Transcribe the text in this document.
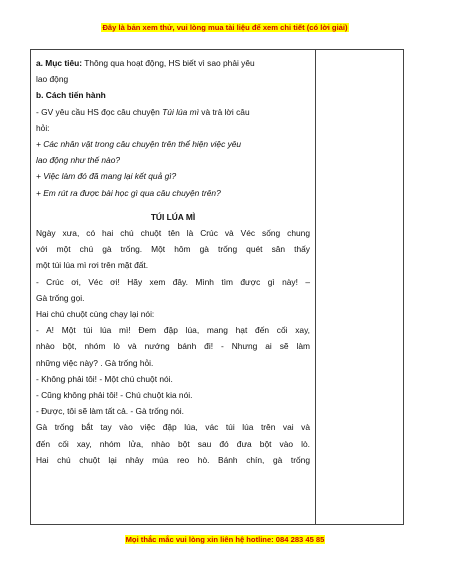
Đây là bản xem thử, vui lòng mua tài liệu để xem chi tiết (có lời giải)

a. Mục tiêu: Thông qua hoạt động, HS biết vì sao phải yêu

lao động

b. Cách tiến hành

- GV yêu cầu HS đọc câu chuyện Túi lúa mì và trả lời câu

hỏi:

+ Các nhân vật trong câu chuyện trên thể hiện việc yêu

lao động như thế nào?

+ Việc làm đó đã mang lại kết quả gì?

+ Em rút ra được bài học gì qua câu chuyện trên?

TÚI LÚA MÌ

Ngày xưa, có hai chú chuột tên là Crúc và Véc sống chung

với một chú gà trống. Một hôm gà trống quét sân thấy

một túi lúa mì rơi trên mặt đất.

- Crúc ơi, Véc ơi! Hãy xem đây. Mình tìm được gì này! –

Gà trống gọi.

Hai chú chuột cùng chạy lại nói:

- A! Một túi lúa mì! Đem đập lúa, mang hạt đến cối xay,

nhào bột, nhóm lò và nướng bánh đi! - Nhưng ai sẽ làm

những việc này? . Gà trống hỏi.

- Không phải tôi! - Một chú chuột nói.

- Cũng không phải tôi! - Chú chuột kia nói.

- Được, tôi sẽ làm tất cả. - Gà trống nói.

Gà trống bắt tay vào việc đập lúa, vác túi lúa trên vai và

đến cối xay, nhóm lửa, nhào bột sau đó đưa bột vào lò.

Hai chú chuột lại nhảy múa reo hò. Bánh chín, gà trống

Mọi thắc mắc vui lòng xin liên hệ hotline: 084 283 45 85
